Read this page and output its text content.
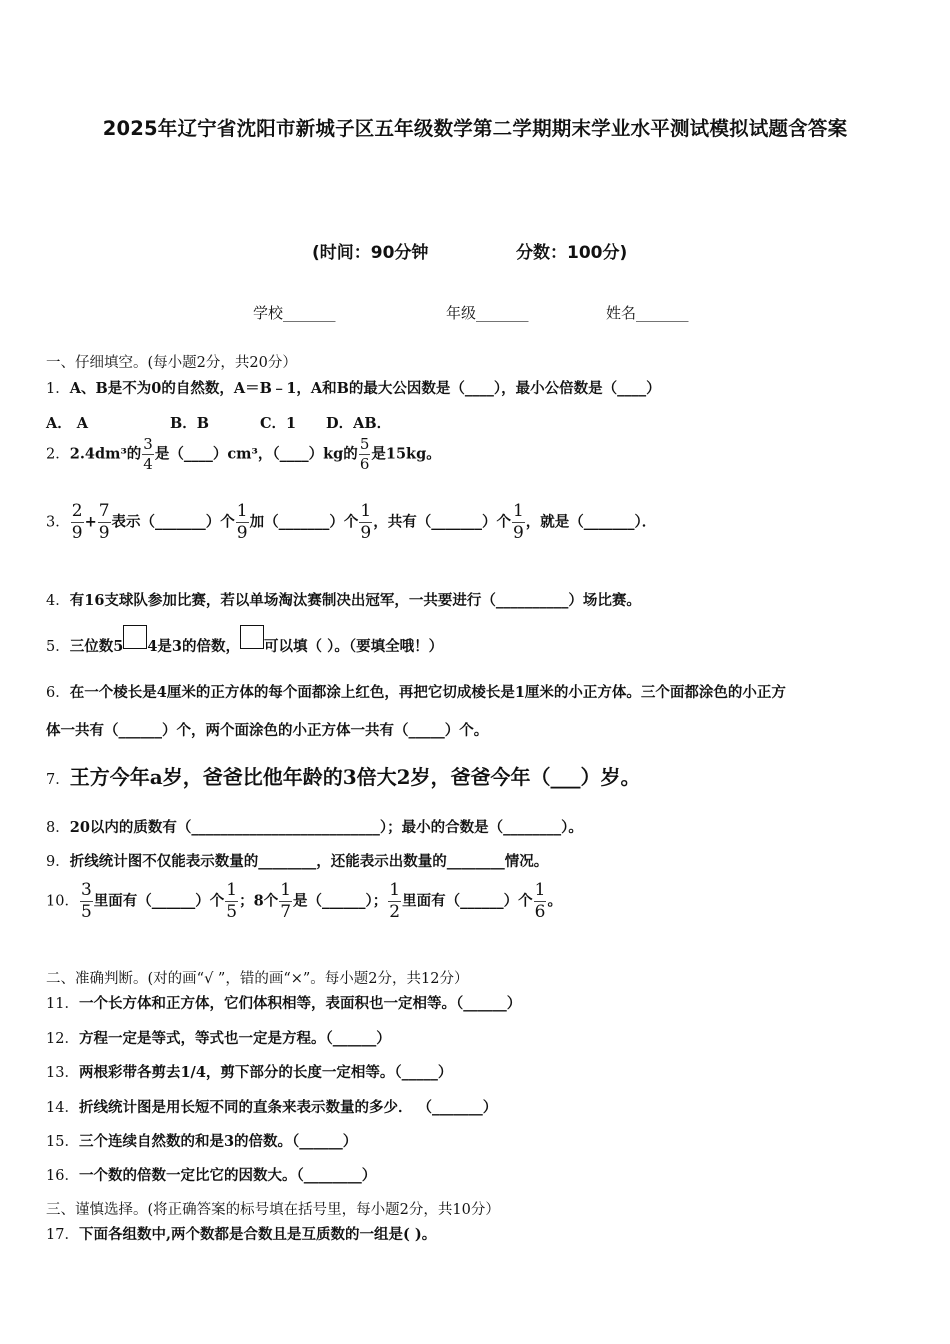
2025年辽宁省沈阳市新城子区五年级数学第二学期期末学业水平测试模拟试题含答案
(时间：90分钟	分数：100分)
学校_______	年级_______	姓名_______
一、仔细填空。(每小题2分，共20分）
1．A、B是不为0的自然数，A＝B﹣1，A和B的最大公因数是（____），最小公倍数是（____）
A． A	B．B	C．1 D．AB．
2．2.4dm³的 $\frac{3}{4}$ 是（____）cm³，（____）kg的 $\frac{5}{6}$ 是15kg。
3． $\frac{2}{9} + \frac{7}{9}$ 表示（_______）个 $\frac{1}{9}$ 加（_______）个 $\frac{1}{9}$ ，共有（_______）个 $\frac{1}{9}$ ，就是（_______）．
4．有16支球队参加比赛，若以单场淘汰赛制决出冠军，一共要进行（__________）场比赛。
5．三位数5 4是3的倍数， 可以填（ ）。（要填全哦！）
6．在一个棱长是4厘米的正方体的每个面都涂上红色，再把它切成棱长是1厘米的小正方体。三个面都涂色的小正方
体一共有（______）个，两个面涂色的小正方体一共有（_____）个。
7．王方今年a岁，爸爸比他年龄的3倍大2岁，爸爸今年（___）岁。
8．20以内的质数有（__________________________）；最小的合数是（________）。
9．折线统计图不仅能表示数量的________，还能表示出数量的________情况。
10． $\frac{3}{5}$ 里面有（______）个 $\frac{1}{5}$ ；8个 $\frac{1}{7}$ 是（______）； $\frac{1}{2}$ 里面有（______）个 $\frac{1}{6}$ 。
二、准确判断。(对的画“√ ”，错的画“×”。每小题2分，共12分）
11．一个长方体和正方体，它们体积相等，表面积也一定相等。（______）
12．方程一定是等式，等式也一定是方程。（______）
13．两根彩带各剪去1/4，剪下部分的长度一定相等。（_____）
14．折线统计图是用长短不同的直条来表示数量的多少． （_______）
15．三个连续自然数的和是3的倍数。（______）
16．一个数的倍数一定比它的因数大。（________）
三、谨慎选择。(将正确答案的标号填在括号里，每小题2分，共10分）
17．下面各组数中,两个数都是合数且是互质数的一组是( )。
